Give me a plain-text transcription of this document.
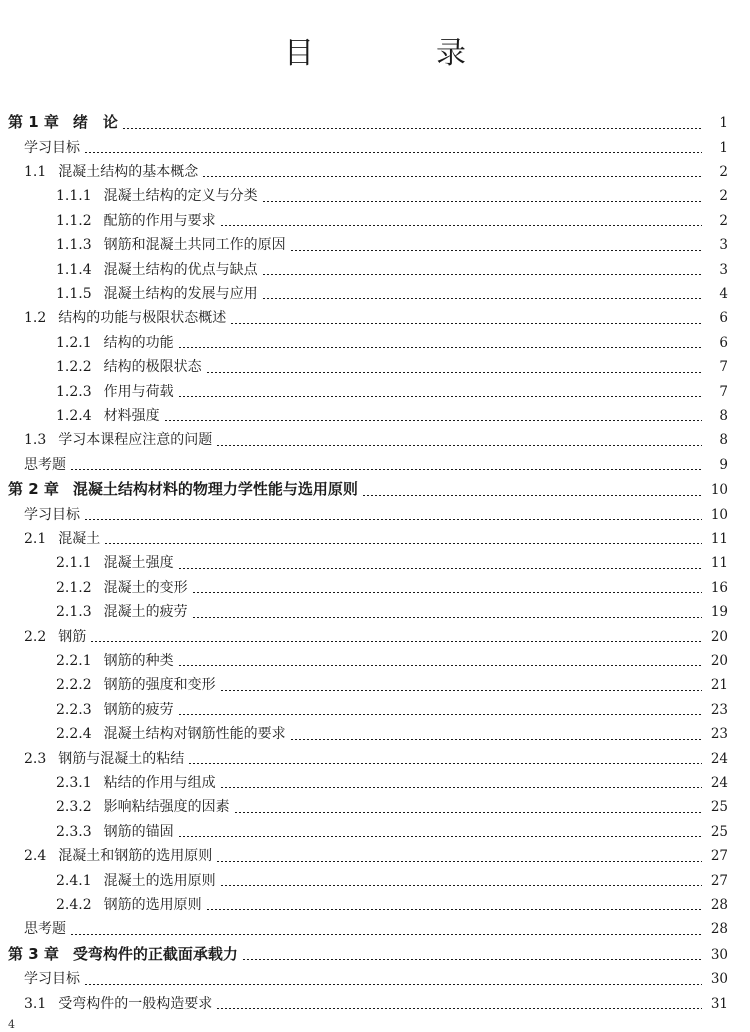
目　录
第 1 章 绪　论	1
学习目标	1
1.1 混凝土结构的基本概念	2
1.1.1 混凝土结构的定义与分类	2
1.1.2 配筋的作用与要求	2
1.1.3 钢筋和混凝土共同工作的原因	3
1.1.4 混凝土结构的优点与缺点	3
1.1.5 混凝土结构的发展与应用	4
1.2 结构的功能与极限状态概述	6
1.2.1 结构的功能	6
1.2.2 结构的极限状态	7
1.2.3 作用与荷载	7
1.2.4 材料强度	8
1.3 学习本课程应注意的问题	8
思考题	9
第 2 章 混凝土结构材料的物理力学性能与选用原则	10
学习目标	10
2.1 混凝土	11
2.1.1 混凝土强度	11
2.1.2 混凝土的变形	16
2.1.3 混凝土的疲劳	19
2.2 钢筋	20
2.2.1 钢筋的种类	20
2.2.2 钢筋的强度和变形	21
2.2.3 钢筋的疲劳	23
2.2.4 混凝土结构对钢筋性能的要求	23
2.3 钢筋与混凝土的粘结	24
2.3.1 粘结的作用与组成	24
2.3.2 影响粘结强度的因素	25
2.3.3 钢筋的锚固	25
2.4 混凝土和钢筋的选用原则	27
2.4.1 混凝土的选用原则	27
2.4.2 钢筋的选用原则	28
思考题	28
第 3 章 受弯构件的正截面承载力	30
学习目标	30
3.1 受弯构件的一般构造要求	31
4
